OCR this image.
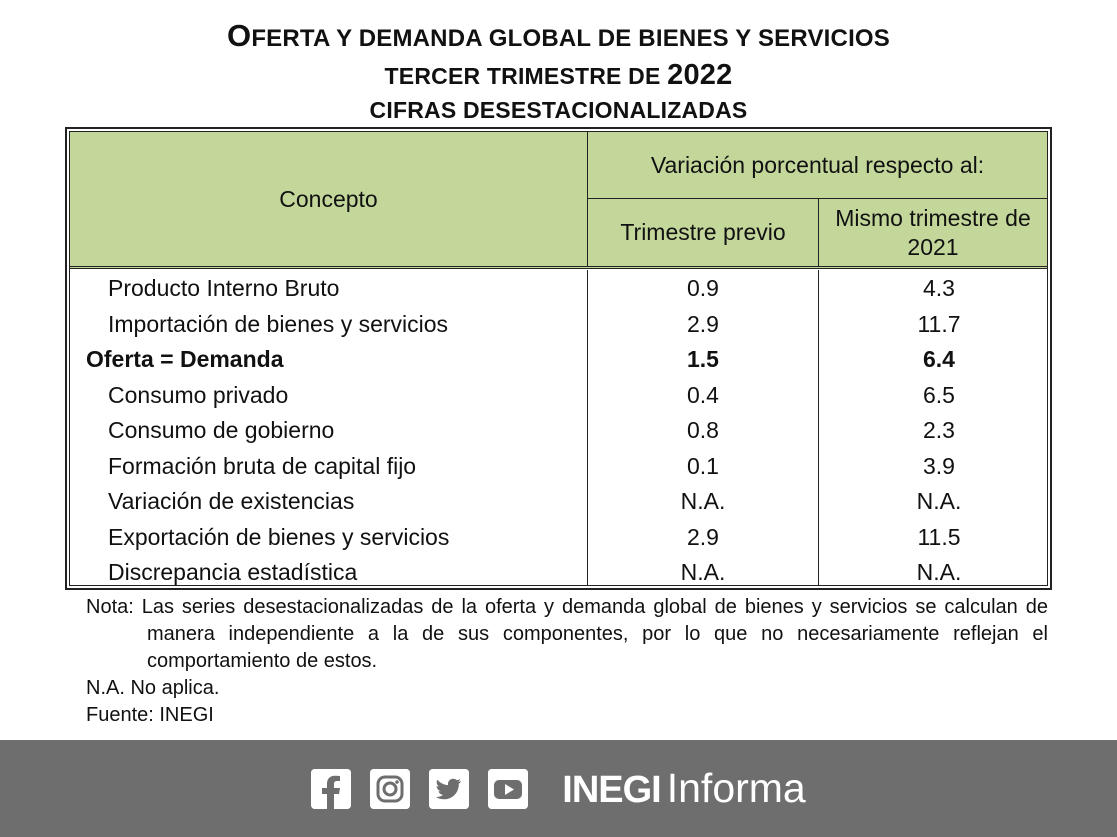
OFERTA Y DEMANDA GLOBAL DE BIENES Y SERVICIOS
TERCER TRIMESTRE DE 2022
CIFRAS DESESTACIONALIZADAS
Concepto
Variación porcentual respecto al:
Trimestre previo
Mismo trimestre de 2021
Producto Interno Bruto	0.9	4.3
Importación de bienes y servicios	2.9	11.7
Oferta = Demanda	1.5	6.4
Consumo privado	0.4	6.5
Consumo de gobierno	0.8	2.3
Formación bruta de capital fijo	0.1	3.9
Variación de existencias	N.A.	N.A.
Exportación de bienes y servicios	2.9	11.5
Discrepancia estadística	N.A.	N.A.
Nota: Las series desestacionalizadas de la oferta y demanda global de bienes y servicios se calculan de manera independiente a la de sus componentes, por lo que no necesariamente reflejan el comportamiento de estos.
N.A. No aplica.
Fuente: INEGI
INEGI Informa
